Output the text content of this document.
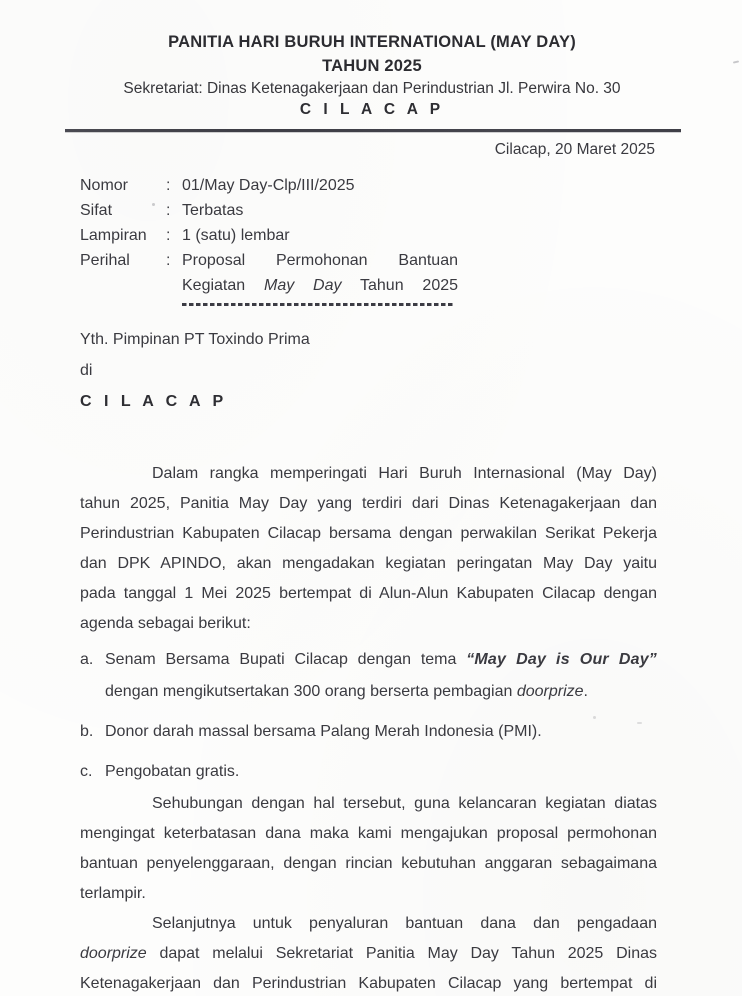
PANITIA HARI BURUH INTERNATIONAL (MAY DAY)
TAHUN 2025
Sekretariat: Dinas Ketenagakerjaan dan Perindustrian Jl. Perwira No. 30
C I L A C A P
Cilacap, 20 Maret 2025
Nomor	: 01/May Day-Clp/III/2025
Sifat	: Terbatas
Lampiran	: 1 (satu) lembar
Perihal	: Proposal Permohonan Bantuan
Kegiatan May Day Tahun 2025
Yth. Pimpinan PT Toxindo Prima
di
C I L A C A P
Dalam rangka memperingati Hari Buruh Internasional (May Day)
tahun 2025, Panitia May Day yang terdiri dari Dinas Ketenagakerjaan dan
Perindustrian Kabupaten Cilacap bersama dengan perwakilan Serikat Pekerja
dan DPK APINDO, akan mengadakan kegiatan peringatan May Day yaitu
pada tanggal 1 Mei 2025 bertempat di Alun-Alun Kabupaten Cilacap dengan
agenda sebagai berikut:
a. Senam Bersama Bupati Cilacap dengan tema “May Day is Our Day”
dengan mengikutsertakan 300 orang berserta pembagian doorprize.
b. Donor darah massal bersama Palang Merah Indonesia (PMI).
c. Pengobatan gratis.
Sehubungan dengan hal tersebut, guna kelancaran kegiatan diatas
mengingat keterbatasan dana maka kami mengajukan proposal permohonan
bantuan penyelenggaraan, dengan rincian kebutuhan anggaran sebagaimana
terlampir.
Selanjutnya untuk penyaluran bantuan dana dan pengadaan
doorprize dapat melalui Sekretariat Panitia May Day Tahun 2025 Dinas
Ketenagakerjaan dan Perindustrian Kabupaten Cilacap yang bertempat di
